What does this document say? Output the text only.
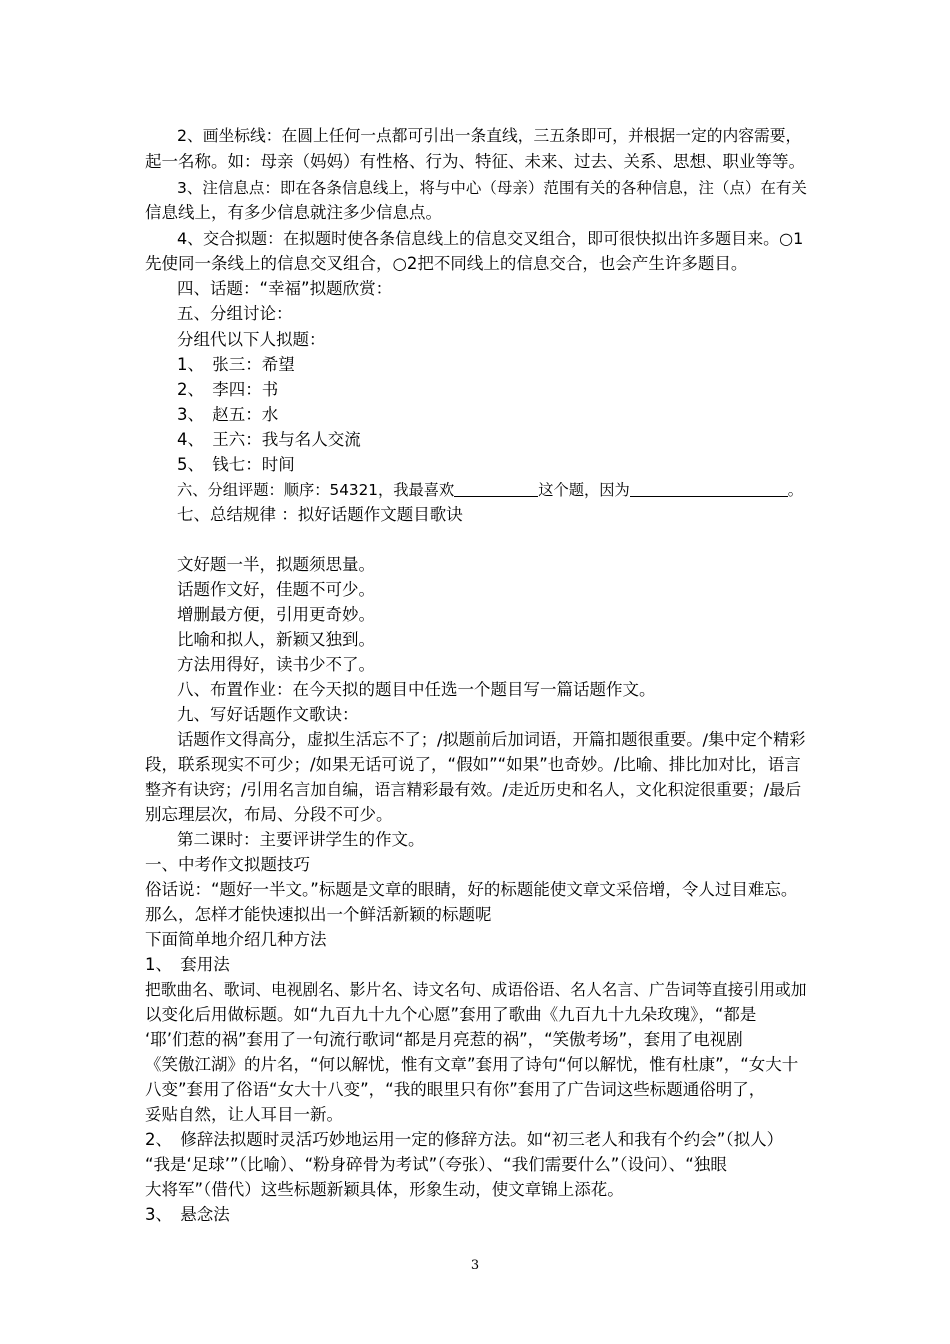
2、画坐标线：在圆上任何一点都可引出一条直线，三五条即可，并根据一定的内容需要，
起一名称。如：母亲（妈妈）有性格、行为、特征、未来、过去、关系、思想、职业等等。
3、注信息点：即在各条信息线上，将与中心（母亲）范围有关的各种信息，注（点）在有关
信息线上，有多少信息就注多少信息点。
4、交合拟题：在拟题时使各条信息线上的信息交叉组合，即可很快拟出许多题目来。○1
先使同一条线上的信息交叉组合，○2把不同线上的信息交合，也会产生许多题目。
四、话题：“幸福”拟题欣赏：
五、分组讨论：
分组代以下人拟题：
1、　张三：希望
2、　李四：书
3、　赵五：水
4、　王六：我与名人交流
5、　钱七：时间
六、分组评题：顺序：54321，我最喜欢	这个题，因为	。
七、总结规律 ：拟好话题作文题目歌诀
文好题一半，拟题须思量。
话题作文好，佳题不可少。
增删最方便，引用更奇妙。
比喻和拟人，新颖又独到。
方法用得好，读书少不了。
八、布置作业：在今天拟的题目中任选一个题目写一篇话题作文。
九、写好话题作文歌诀：
话题作文得高分，虚拟生活忘不了；/拟题前后加词语，开篇扣题很重要。/集中定个精彩
段，联系现实不可少；/如果无话可说了，“假如”“如果”也奇妙。/比喻、排比加对比，语言
整齐有诀窍；/引用名言加自编，语言精彩最有效。/走近历史和名人，文化积淀很重要；/最后
别忘理层次，布局、分段不可少。
第二课时：主要评讲学生的作文。
一、中考作文拟题技巧
俗话说：“题好一半文。”标题是文章的眼睛，好的标题能使文章文采倍增，令人过目难忘。
那么，怎样才能快速拟出一个鲜活新颖的标题呢
下面简单地介绍几种方法
1、　套用法
把歌曲名、歌词、电视剧名、影片名、诗文名句、成语俗语、名人名言、广告词等直接引用或加
以变化后用做标题。如“九百九十九个心愿”套用了歌曲《九百九十九朵玫瑰》，“都是
‘耶’们惹的祸”套用了一句流行歌词“都是月亮惹的祸”，“笑傲考场”，套用了电视剧
《笑傲江湖》的片名，“何以解忧，惟有文章”套用了诗句“何以解忧，惟有杜康”，“女大十
八变”套用了俗语“女大十八变”，“我的眼里只有你”套用了广告词这些标题通俗明了，
妥贴自然，让人耳目一新。
2、　修辞法拟题时灵活巧妙地运用一定的修辞方法。如“初三老人和我有个约会”（拟人）
“我是‘足球’”（比喻）、“粉身碎骨为考试”（夸张）、“我们需要什么”（设问）、“独眼
大将军”（借代）这些标题新颖具体，形象生动，使文章锦上添花。
3、　悬念法
3
